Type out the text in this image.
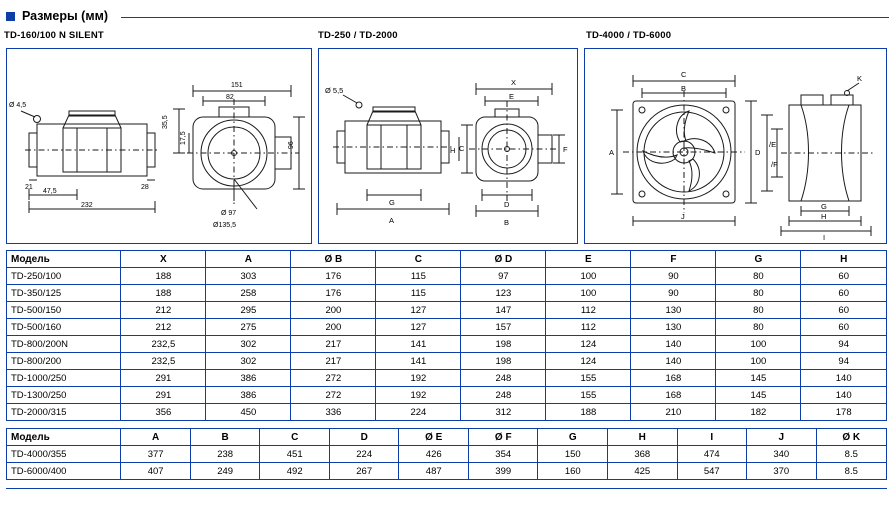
Размеры (мм)
TD-160/100 N SILENT	TD-250 / TD-2000	TD-4000 / TD-6000
Ø 4,5
21
47,5
232
28
151
82
35,5
17,5
96
Ø 97
Ø135,5
Ø 5,5
G
A
X
E
C
H	F
D
B
C
B
A	D
/E
/F
K
G
H
I
J
Модель	X	A	Ø B	C	Ø D	E	F	G	H
TD-250/100	188	303	176	115	97	100	90	80	60
TD-350/125	188	258	176	115	123	100	90	80	60
TD-500/150	212	295	200	127	147	112	130	80	60
TD-500/160	212	275	200	127	157	112	130	80	60
TD-800/200N	232,5	302	217	141	198	124	140	100	94
TD-800/200	232,5	302	217	141	198	124	140	100	94
TD-1000/250	291	386	272	192	248	155	168	145	140
TD-1300/250	291	386	272	192	248	155	168	145	140
TD-2000/315	356	450	336	224	312	188	210	182	178
Модель	A	B	C	D	Ø E	Ø F	G	H	I	J	Ø K
TD-4000/355	377	238	451	224	426	354	150	368	474	340	8.5
TD-6000/400	407	249	492	267	487	399	160	425	547	370	8.5
